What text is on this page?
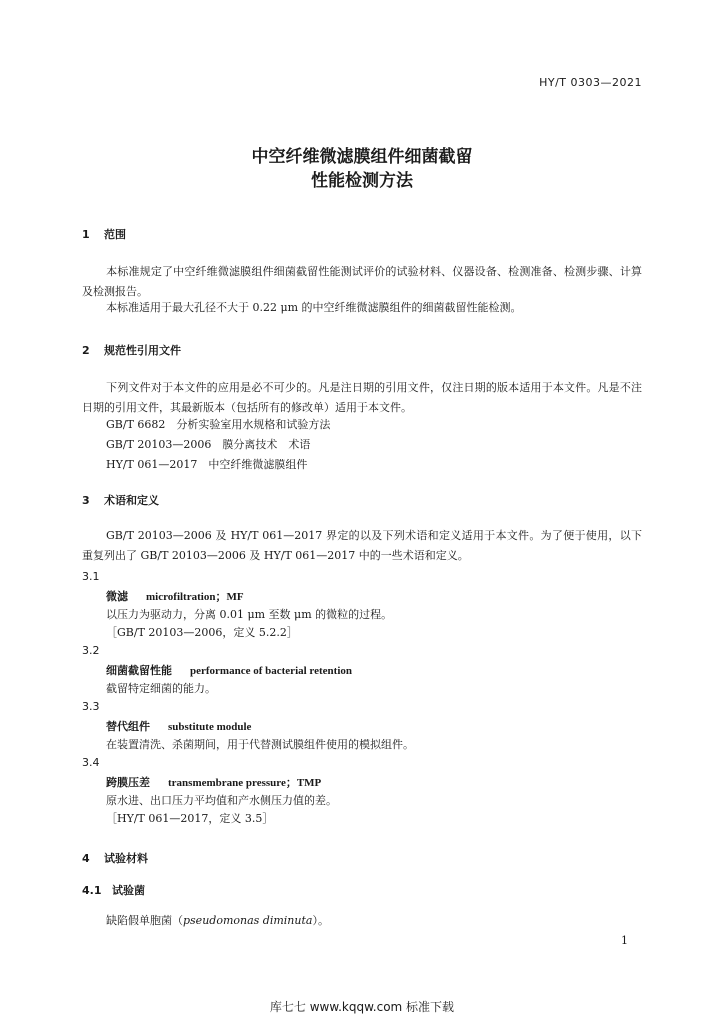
HY/T 0303—2021
中空纤维微滤膜组件细菌截留
性能检测方法
1 范围
本标准规定了中空纤维微滤膜组件细菌截留性能测试评价的试验材料、仪器设备、检测准备、检测步骤、计算及检测报告。
本标准适用于最大孔径不大于 0.22 μm 的中空纤维微滤膜组件的细菌截留性能检测。
2 规范性引用文件
下列文件对于本文件的应用是必不可少的。凡是注日期的引用文件，仅注日期的版本适用于本文件。凡是不注日期的引用文件，其最新版本（包括所有的修改单）适用于本文件。
GB/T 6682　分析实验室用水规格和试验方法
GB/T 20103—2006　膜分离技术　术语
HY/T 061—2017　中空纤维微滤膜组件
3 术语和定义
GB/T 20103—2006 及 HY/T 061—2017 界定的以及下列术语和定义适用于本文件。为了便于使用，以下重复列出了 GB/T 20103—2006 及 HY/T 061—2017 中的一些术语和定义。
3.1
微滤 microfiltration；MF
以压力为驱动力，分离 0.01 μm 至数 μm 的微粒的过程。
［GB/T 20103—2006，定义 5.2.2］
3.2
细菌截留性能 performance of bacterial retention
截留特定细菌的能力。
3.3
替代组件 substitute module
在装置清洗、杀菌期间，用于代替测试膜组件使用的模拟组件。
3.4
跨膜压差 transmembrane pressure；TMP
原水进、出口压力平均值和产水侧压力值的差。
［HY/T 061—2017，定义 3.5］
4 试验材料
4.1 试验菌
缺陷假单胞菌（pseudomonas diminuta）。
1
库七七 www.kqqw.com 标准下载
